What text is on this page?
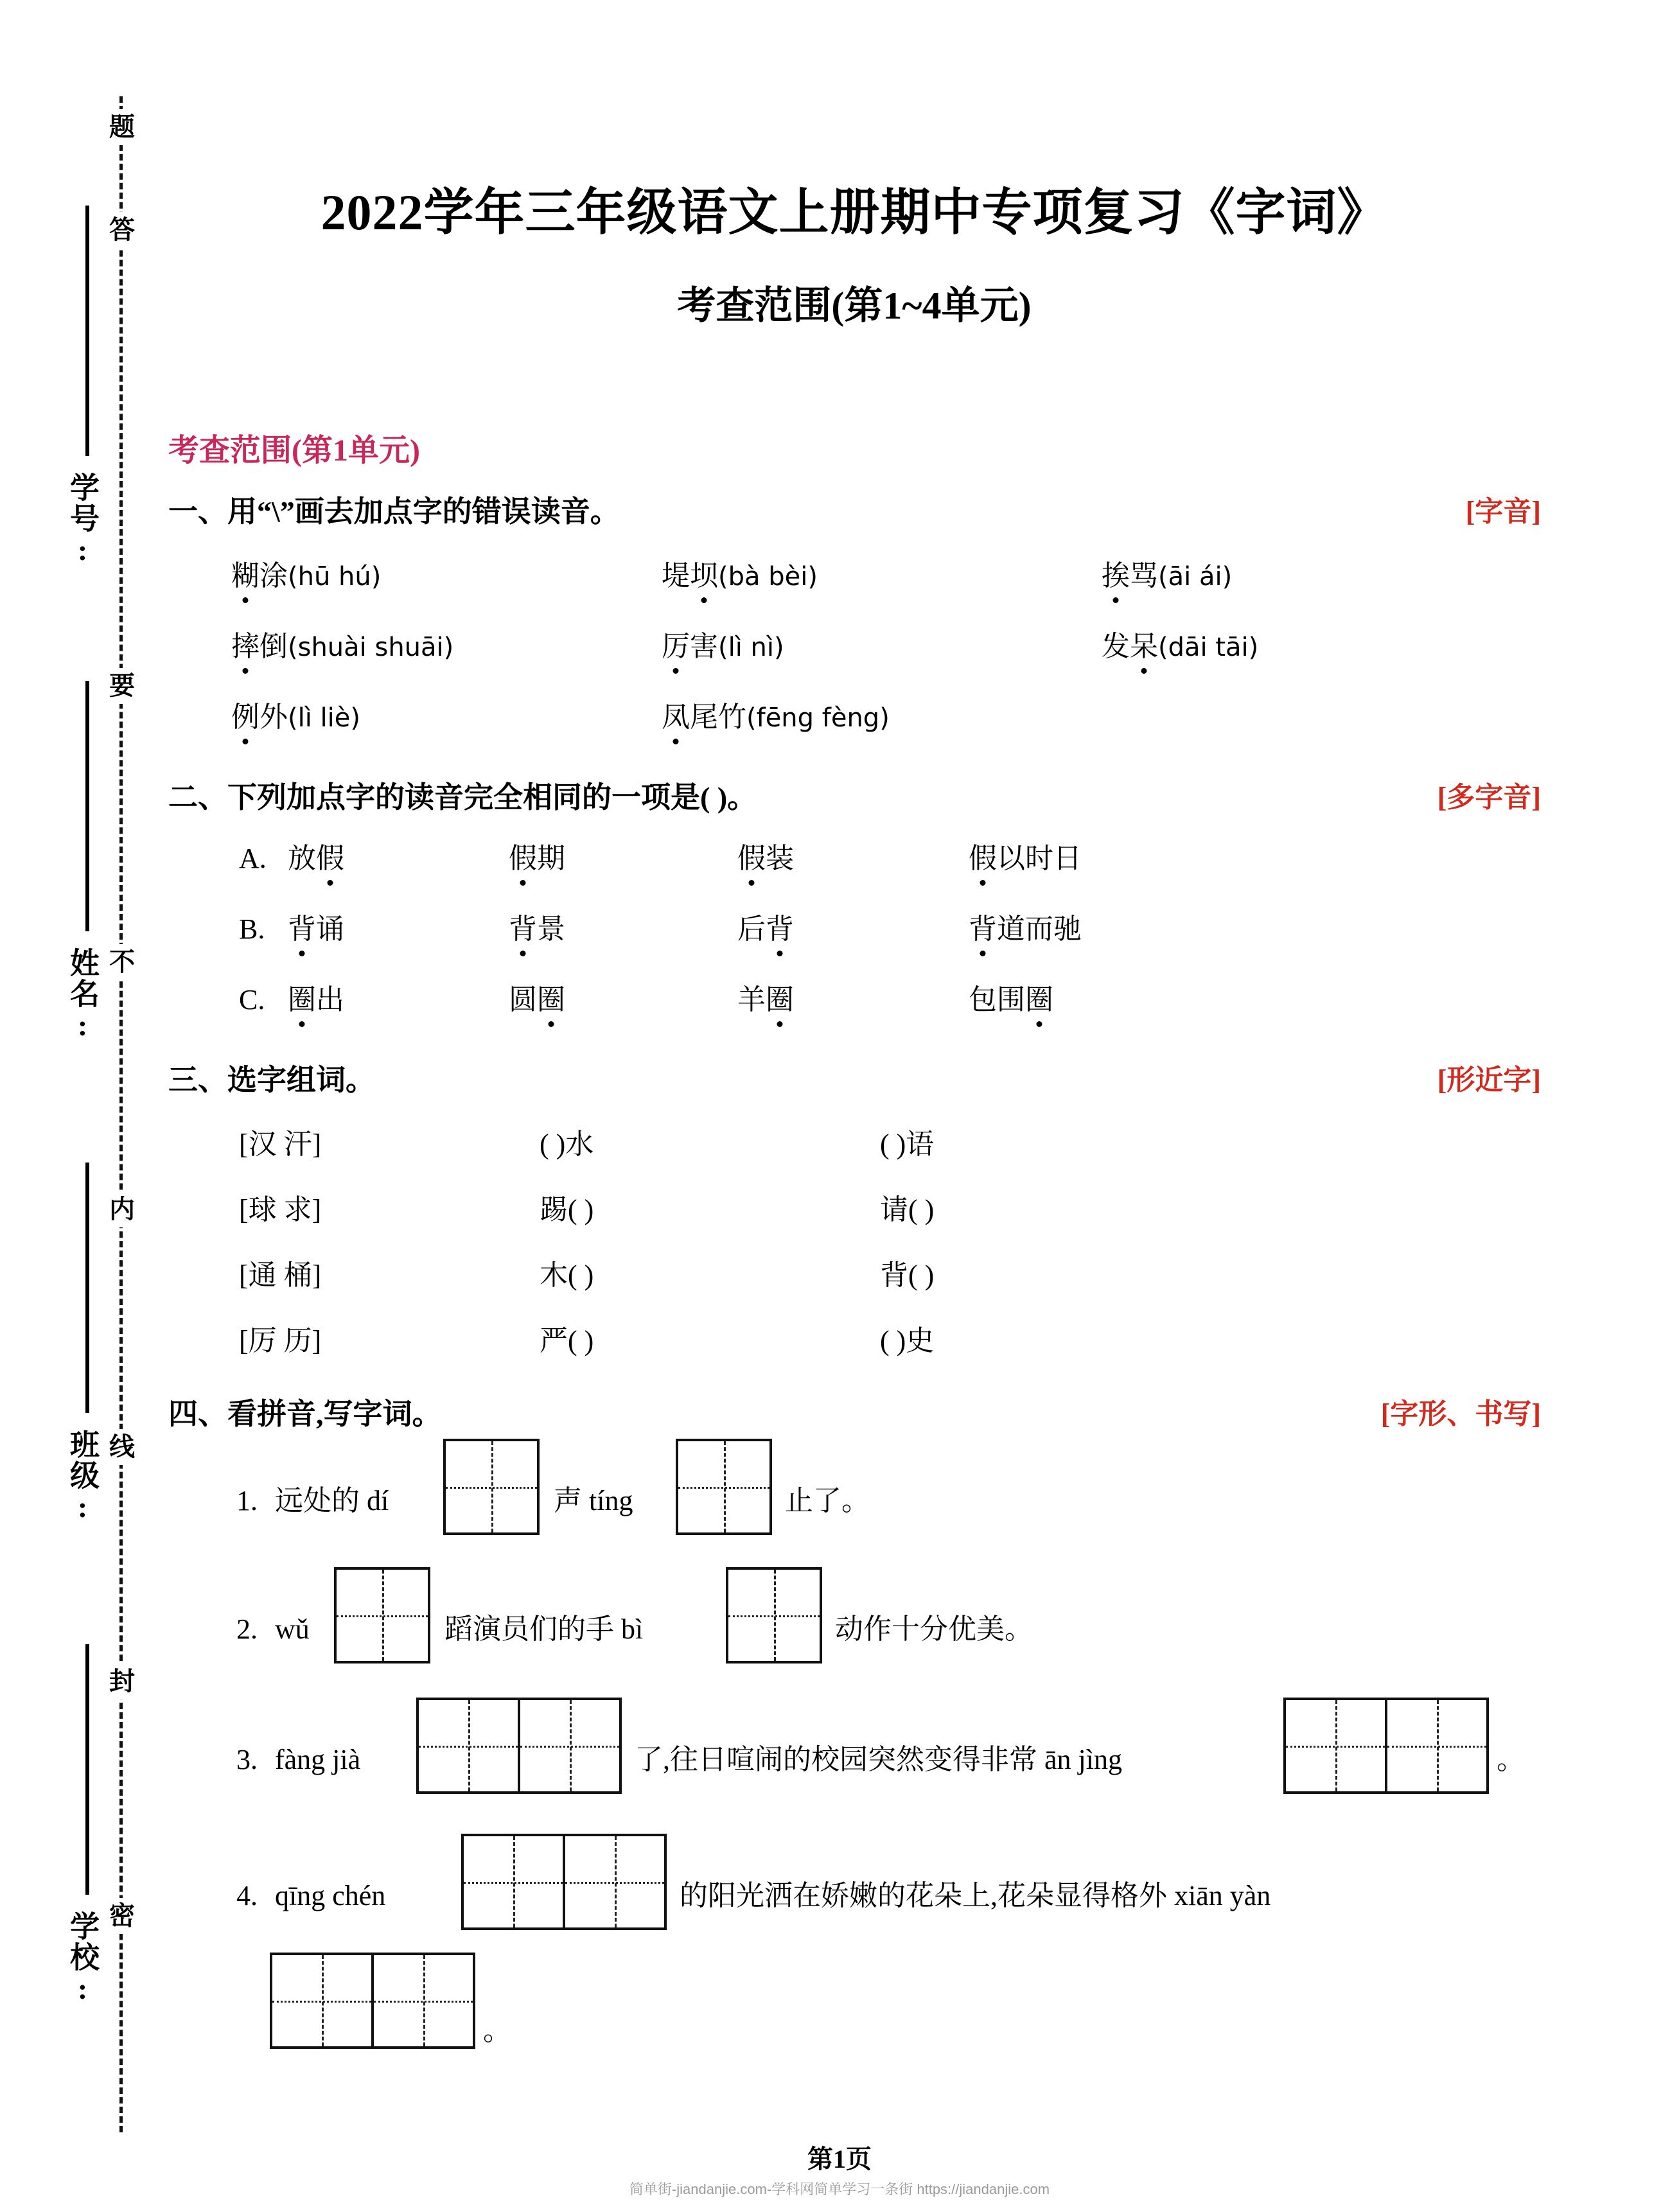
题
答
要
不
内
线
封
密
学号:
姓名:
班级:
学校:
2022学年三年级语文上册期中专项复习《字词》
考查范围(第1~4单元)
考查范围(第1单元)
一、用“\”画去加点字的错误读音。	[字音]
糊涂(hū hú)	堤坝(bà bèi)	挨骂(āi ái)
摔倒(shuài shuāi)	厉害(lì nì)	发呆(dāi tāi)
例外(lì liè)	凤尾竹(fēng fèng)
二、下列加点字的读音完全相同的一项是( )。	[多字音]
A. 放假	假期	假装	假以时日
B. 背诵	背景	后背	背道而驰
C. 圈出	圆圈	羊圈	包围圈
三、选字组词。	[形近字]
[汉 汗]	( )水	( )语
[球 求]	踢( )	请( )
[通 桶]	木( )	背( )
[厉 历]	严( )	( )史
四、看拼音,写字词。	[字形、书写]
1. 远处的 dí	声 tíng	止了。
2. wǔ	蹈演员们的手 bì	动作十分优美。
3. fàng jià	了,往日喧闹的校园突然变得非常 ān jìng	。
4. qīng chén	的阳光洒在娇嫩的花朵上,花朵显得格外 xiān yàn
。
第1页
简单街-jiandanjie.com-学科网简单学习一条街 https://jiandanjie.com
